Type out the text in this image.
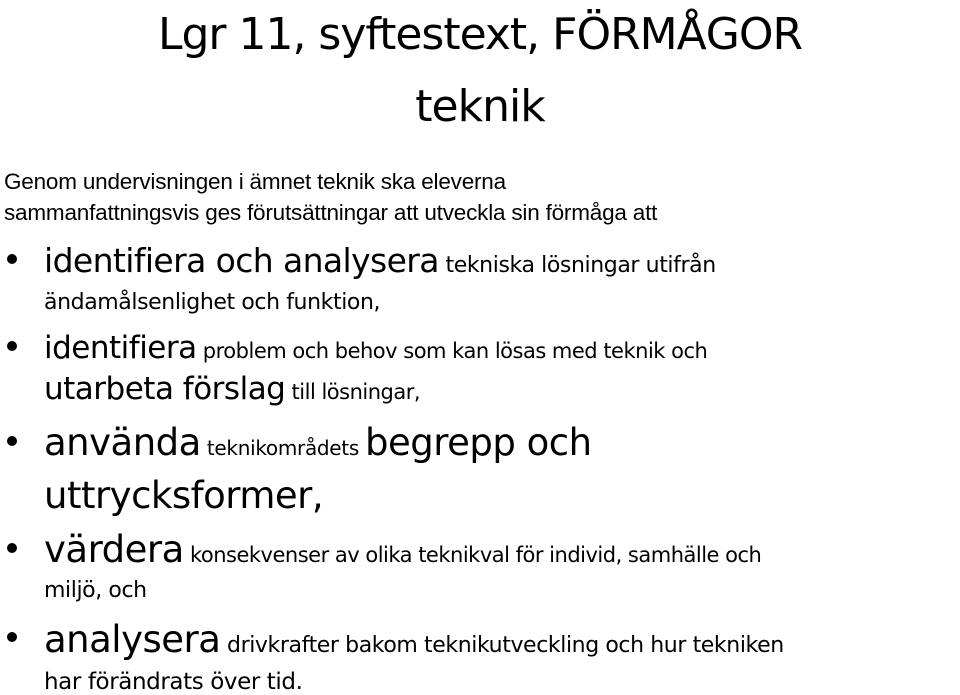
Lgr 11, syftestext, FÖRMÅGOR
teknik
Genom undervisningen i ämnet teknik ska eleverna
sammanfattningsvis ges förutsättningar att utveckla sin förmåga att
identifiera och analysera tekniska lösningar utifrån
ändamålsenlighet och funktion,
identifiera problem och behov som kan lösas med teknik och
utarbeta förslag till lösningar,
använda teknikområdets begrepp och
uttrycksformer,
värdera konsekvenser av olika teknikval för individ, samhälle och
miljö, och
analysera drivkrafter bakom teknikutveckling och hur tekniken
har förändrats över tid.
